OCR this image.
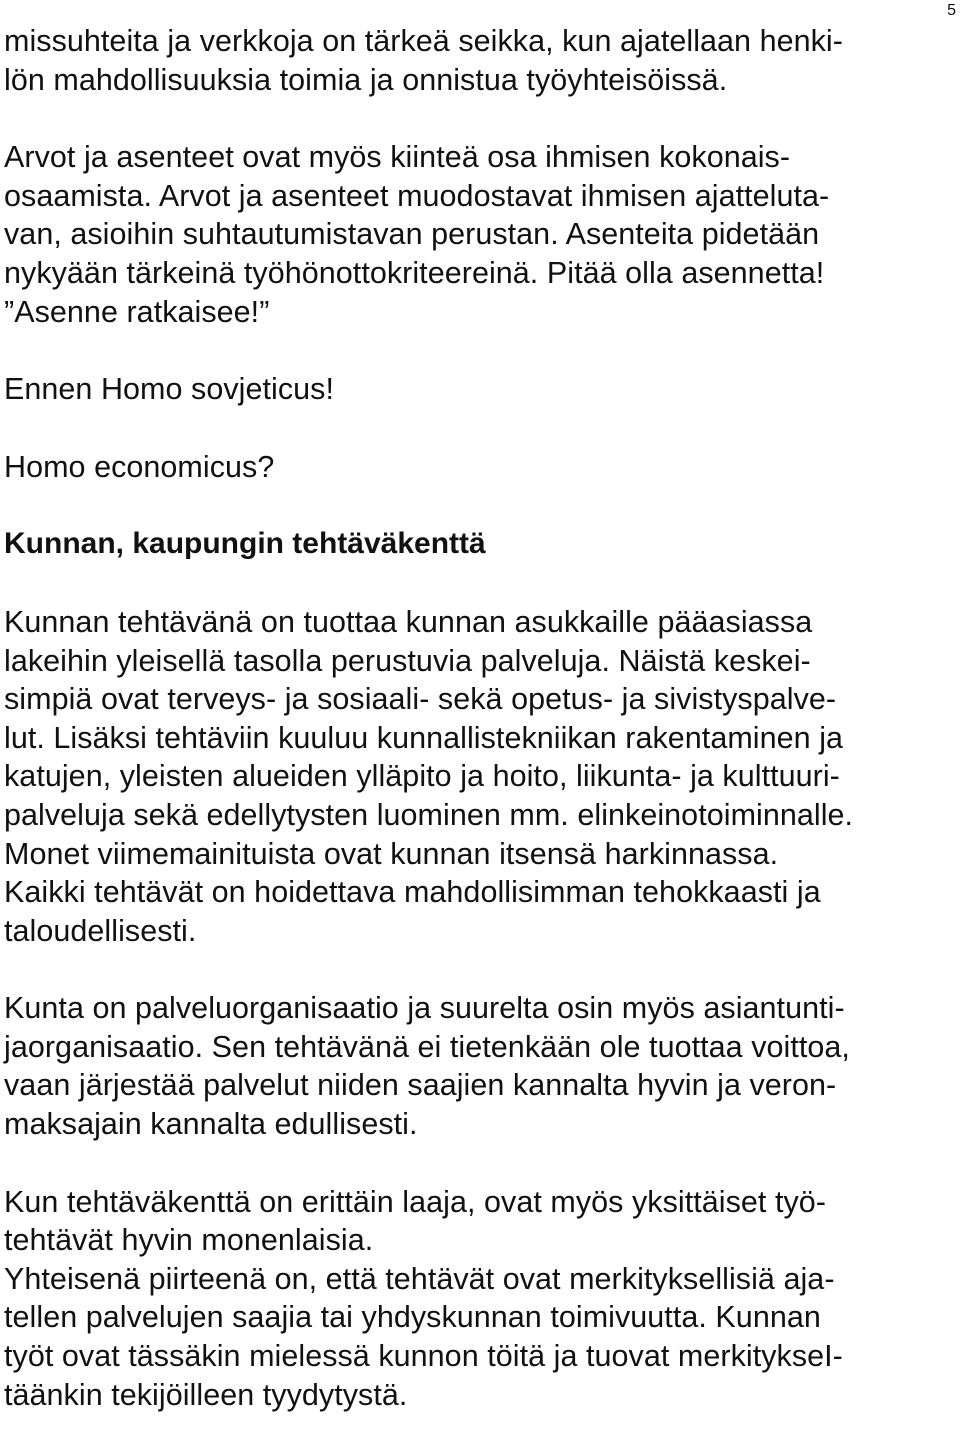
5
missuhteita ja verkkoja on tärkeä seikka, kun ajatellaan henki-
lön mahdollisuuksia toimia ja onnistua työyhteisöissä.
Arvot ja asenteet ovat myös kiinteä osa ihmisen kokonais-
osaamista. Arvot ja asenteet muodostavat ihmisen ajatteluta-
van, asioihin suhtautumistavan perustan. Asenteita pidetään
nykyään tärkeinä työhönottokriteereinä. Pitää olla asennetta!
”Asenne ratkaisee!”
Ennen Homo sovjeticus!
Homo economicus?
Kunnan, kaupungin tehtäväkenttä
Kunnan tehtävänä on tuottaa kunnan asukkaille pääasiassa
lakeihin yleisellä tasolla perustuvia palveluja. Näistä keskei-
simpiä ovat terveys- ja sosiaali- sekä opetus- ja sivistyspalve-
lut. Lisäksi tehtäviin kuuluu kunnallistekniikan rakentaminen ja
katujen, yleisten alueiden ylläpito ja hoito, liikunta- ja kulttuuri-
palveluja sekä edellytysten luominen mm. elinkeinotoiminnalle.
Monet viimemainituista ovat kunnan itsensä harkinnassa.
Kaikki tehtävät on hoidettava mahdollisimman tehokkaasti ja
taloudellisesti.
Kunta on palveluorganisaatio ja suurelta osin myös asiantunti-
jaorganisaatio. Sen tehtävänä ei tietenkään ole tuottaa voittoa,
vaan järjestää palvelut niiden saajien kannalta hyvin ja veron-
maksajain kannalta edullisesti.
Kun tehtäväkenttä on erittäin laaja, ovat myös yksittäiset työ-
tehtävät hyvin monenlaisia.
Yhteisenä piirteenä on, että tehtävät ovat merkityksellisiä aja-
tellen palvelujen saajia tai yhdyskunnan toimivuutta. Kunnan
työt ovat tässäkin mielessä kunnon töitä ja tuovat merkitykseI-
täänkin tekijöilleen tyydytystä.
